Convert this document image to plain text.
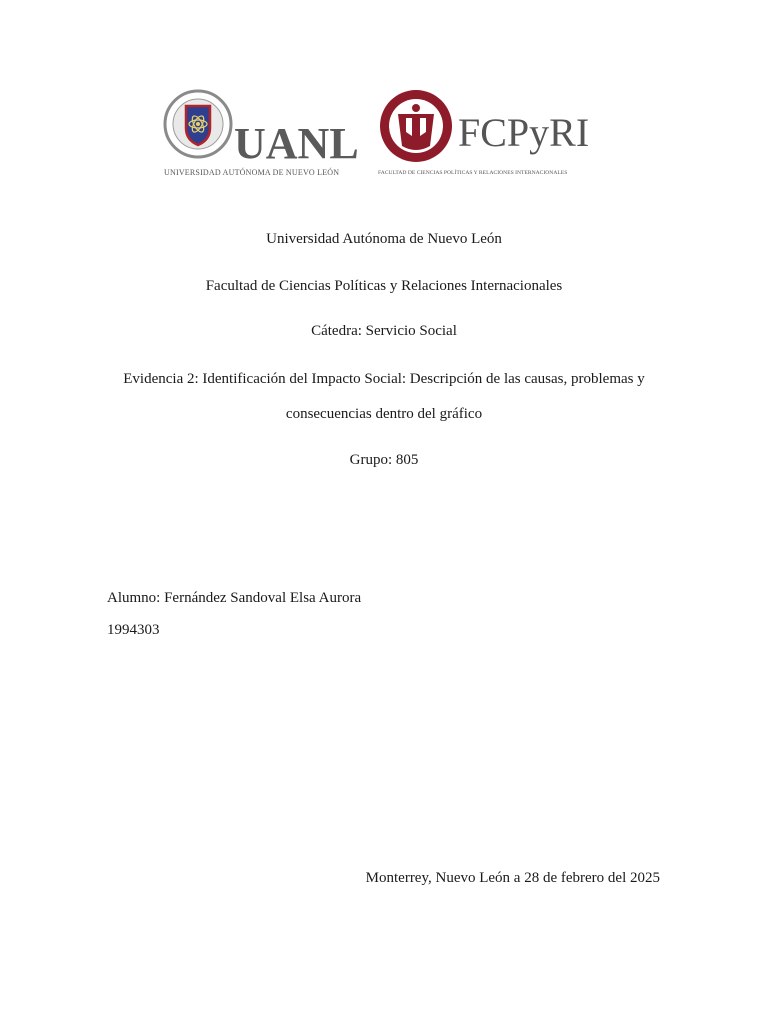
UANL
UNIVERSIDAD AUTÓNOMA DE NUEVO LEÓN
FCPyRI
FACULTAD DE CIENCIAS POLÍTICAS Y RELACIONES INTERNACIONALES
Universidad Autónoma de Nuevo León
Facultad de Ciencias Políticas y Relaciones Internacionales
Cátedra: Servicio Social
Evidencia 2: Identificación del Impacto Social: Descripción de las causas, problemas y
consecuencias dentro del gráfico
Grupo: 805
Alumno: Fernández Sandoval Elsa Aurora
1994303
Monterrey, Nuevo León a 28 de febrero del 2025
